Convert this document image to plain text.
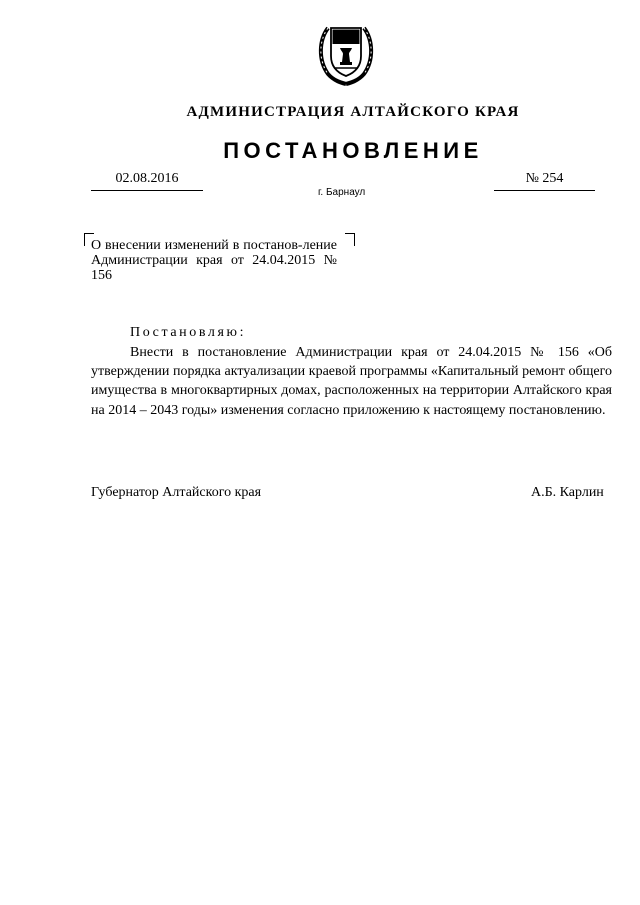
АДМИНИСТРАЦИЯ АЛТАЙСКОГО КРАЯ
ПОСТАНОВЛЕНИЕ
02.08.2016	№ 254
г. Барнаул
О внесении изменений в постанов-ление Администрации края от 24.04.2015 № 156
Постановляю:
Внести в постановление Администрации края от 24.04.2015 № 156 «Об утверждении порядка актуализации краевой программы «Капитальный ремонт общего имущества в многоквартирных домах, расположенных на территории Алтайского края на 2014 – 2043 годы» изменения согласно приложению к настоящему постановлению.
Губернатор Алтайского края	А.Б. Карлин
